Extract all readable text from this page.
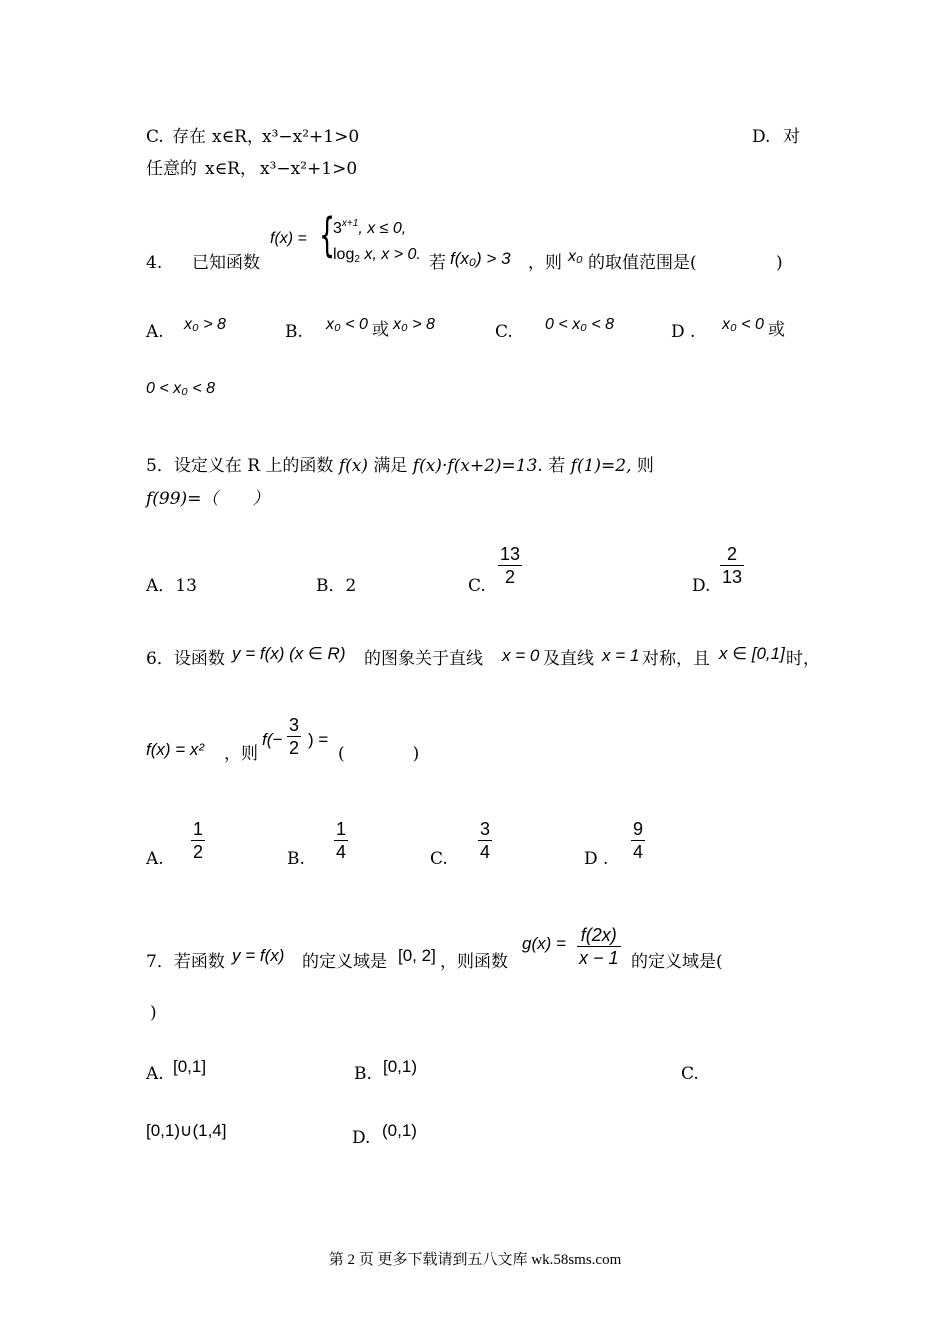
C. 存在 x∈R，
x³−x²+1>0	D. 对
任意的 x∈R， x³−x²+1>0
4. 已知函数
f(x) = {
$3^{x+1}$, x ≤ 0,
$\log_2 x$, x > 0. 若 f(x₀) > 3 ，则 x₀ 的取值范围是(	)
A. x₀ > 8	B. x₀ < 0 或 x₀ > 8	C. 0 < x₀ < 8	D . x₀ < 0 或
0 < x₀ < 8
5．设定义在 R 上的函数 f(x) 满足 f(x)·f(x+2)=13. 若 f(1)=2, 则
f(99)=（　　）
A．13	B．2	C. $\frac{13}{2}$	D. $\frac{2}{13}$
6．设函数 y = f(x) (x ∈ R) 的图象关于直线 x = 0 及直线 x = 1 对称，且 x ∈ [0,1] 时，
f(x) = x² ，则
$f(- \frac{3}{2}$ ) =
(　　　　)
A. $\frac{1}{2}$	B. $\frac{1}{4}$	C. $\frac{3}{4}$	D . $\frac{9}{4}$
7．若函数 y = f(x) 的定义域是 [0, 2] ，则函数
$g(x) = \frac{f(2x)}{x - 1}$ 的定义域是(
)
A. [0,1]	B. [0,1)	C.
[0,1)∪(1,4]	D. (0,1)
第 2 页 更多下载请到五八文库 wk.58sms.com
